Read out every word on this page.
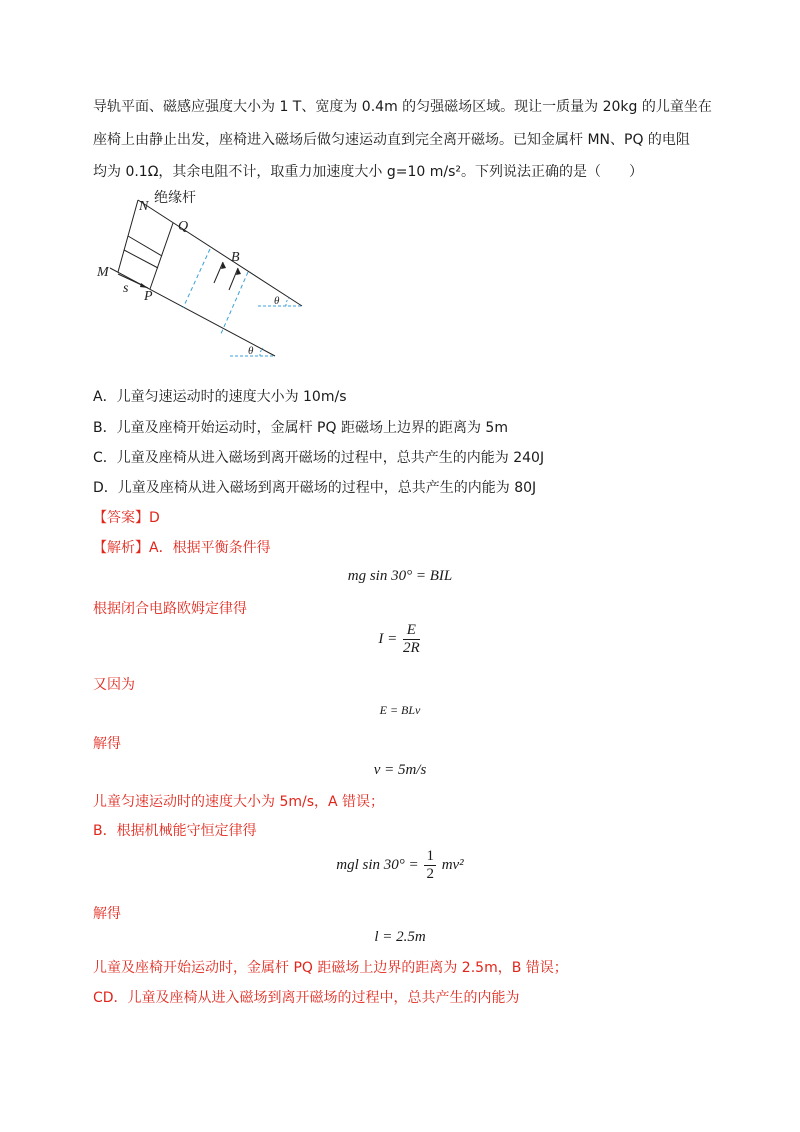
导轨平面、磁感应强度大小为 1 T、宽度为 0.4m 的匀强磁场区域。现让一质量为 20kg 的儿童坐在
座椅上由静止出发，座椅进入磁场后做匀速运动直到完全离开磁场。已知金属杆 MN、PQ 的电阻
均为 0.1Ω，其余电阻不计，取重力加速度大小 g=10 m/s²。下列说法正确的是（　　）
绝缘杆
N
Q
M
P
s
B
θ
θ
A．儿童匀速运动时的速度大小为 10m/s
B．儿童及座椅开始运动时，金属杆 PQ 距磁场上边界的距离为 5m
C．儿童及座椅从进入磁场到离开磁场的过程中，总共产生的内能为 240J
D．儿童及座椅从进入磁场到离开磁场的过程中，总共产生的内能为 80J
【答案】D
【解析】A．根据平衡条件得
mg sin 30° = BIL
根据闭合电路欧姆定律得
$I = \frac{E}{2R}$
又因为
E = BLv
解得
v = 5m/s
儿童匀速运动时的速度大小为 5m/s，A 错误；
B．根据机械能守恒定律得
mgl $\sin 30^\circ = \frac{1}{2} mv^2$
解得
l = 2.5m
儿童及座椅开始运动时，金属杆 PQ 距磁场上边界的距离为 2.5m，B 错误；
CD．儿童及座椅从进入磁场到离开磁场的过程中，总共产生的内能为
